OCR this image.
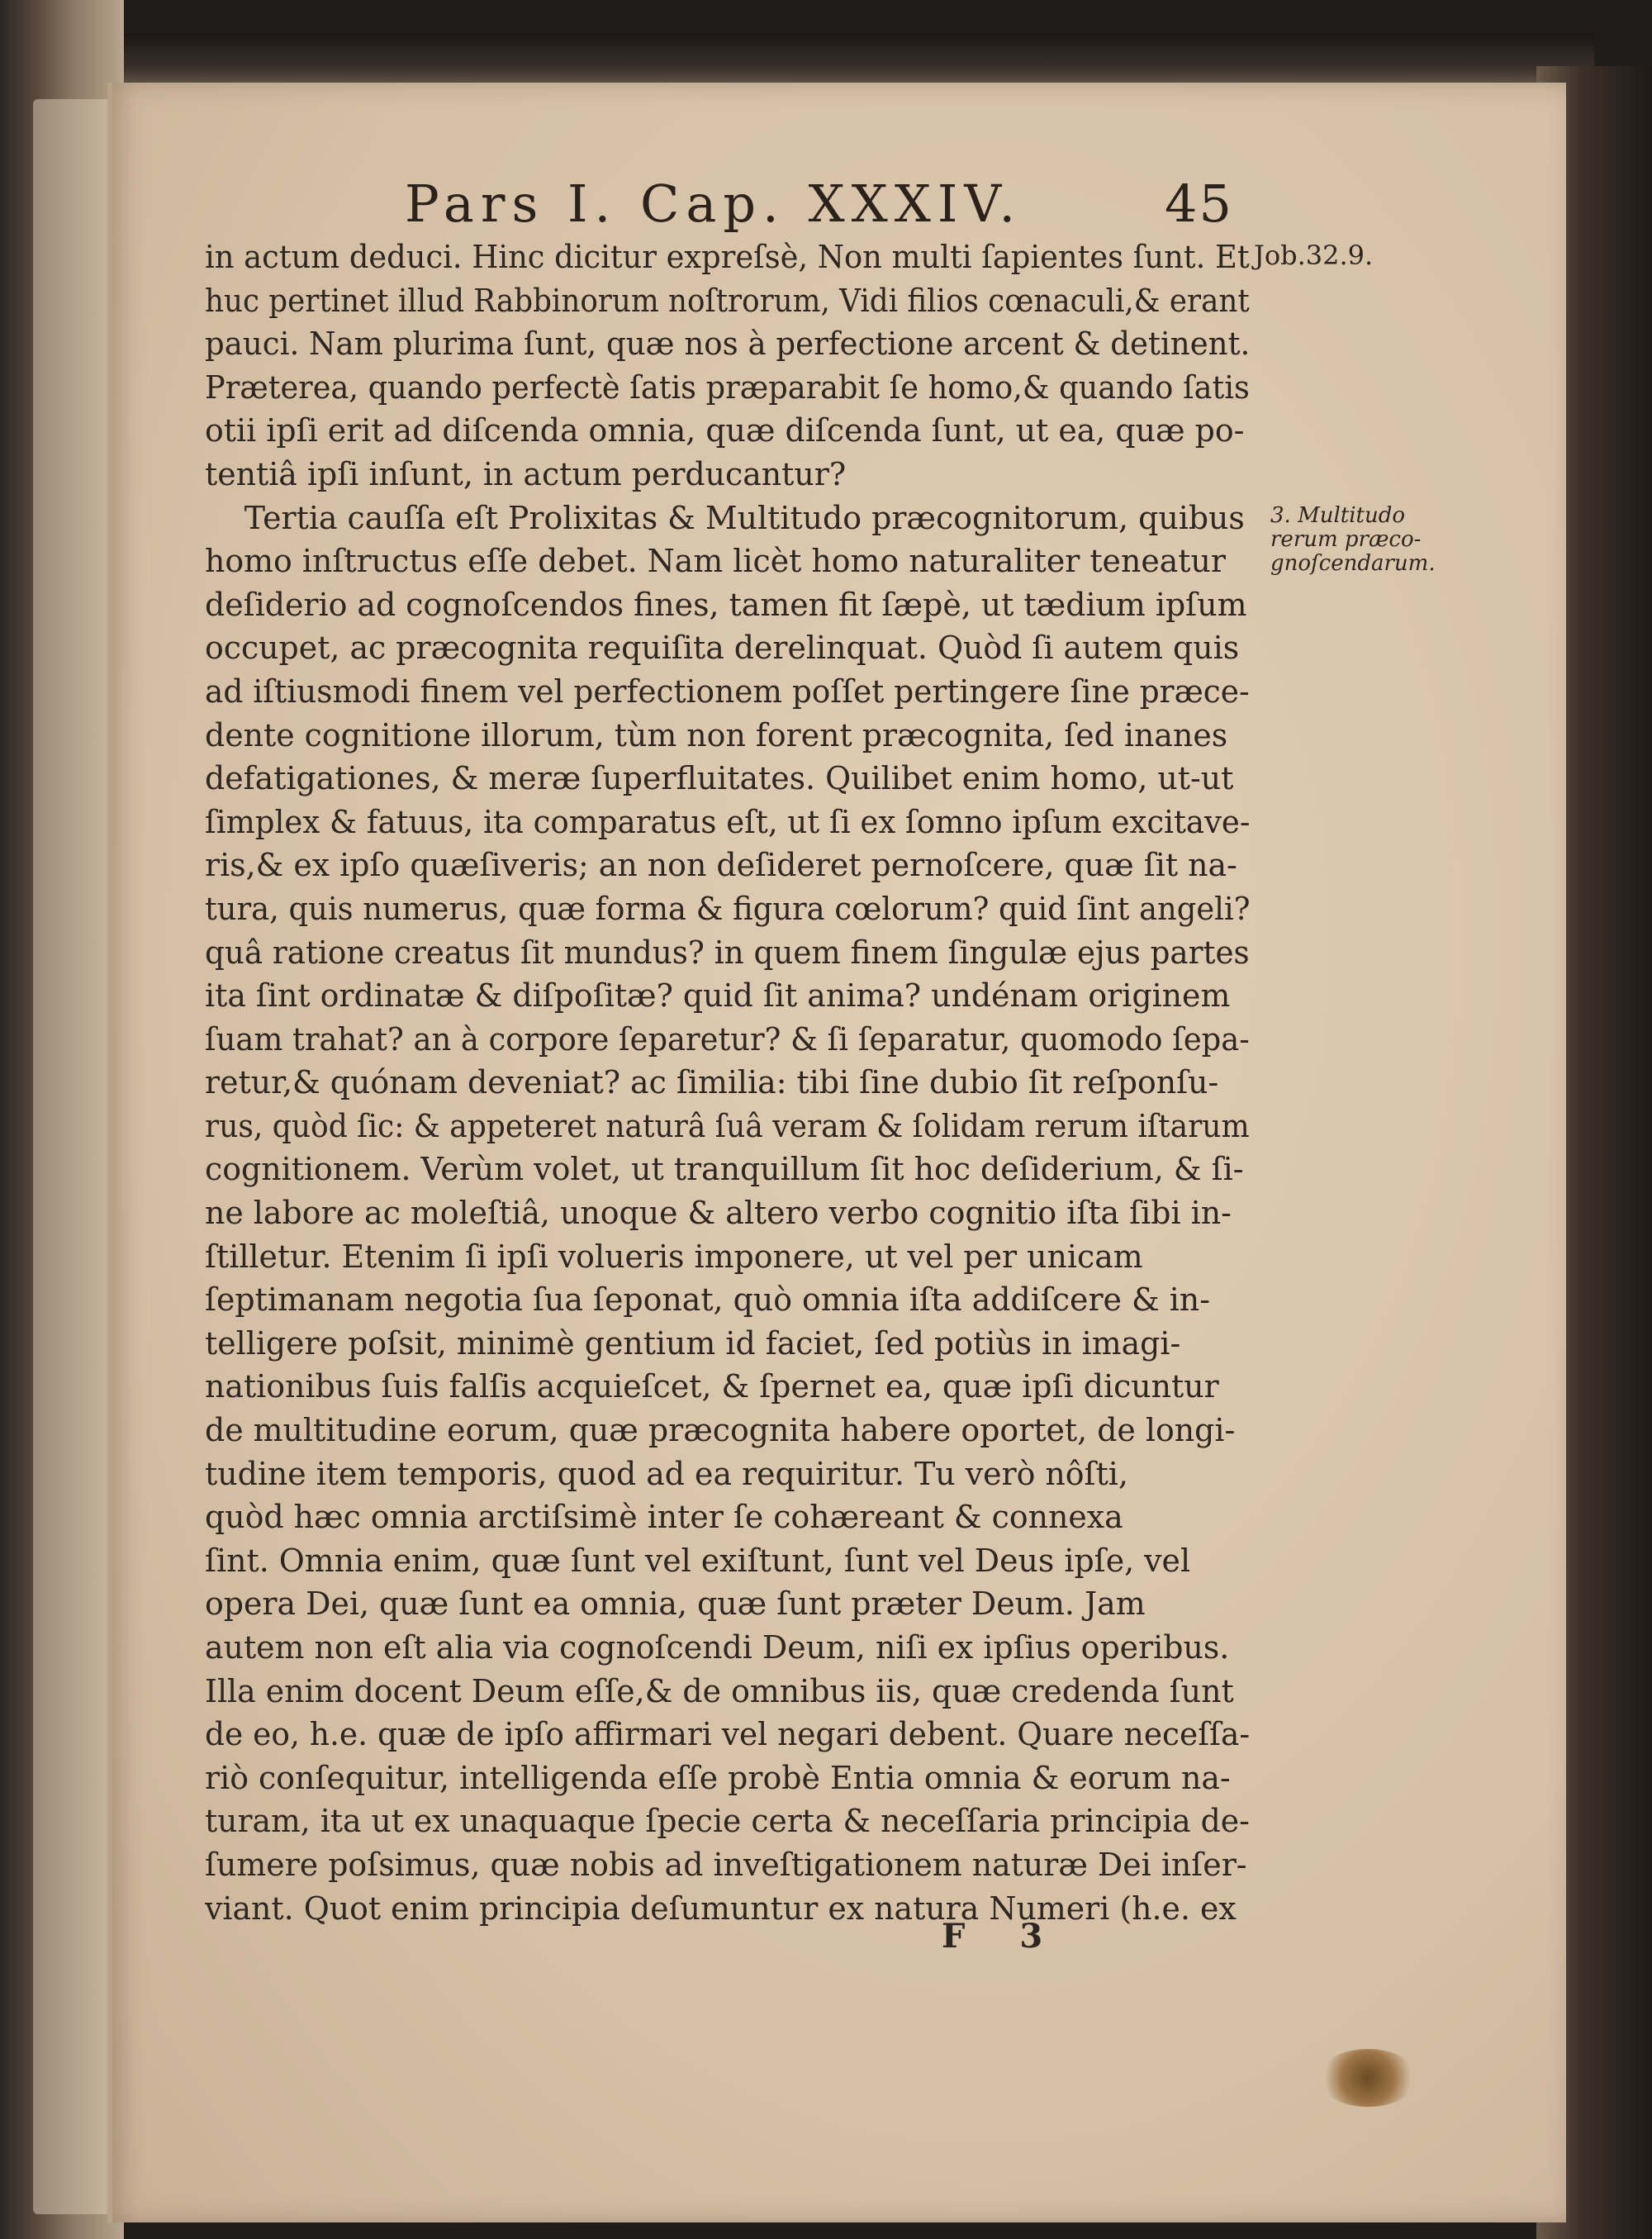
Pars I. Cap. XXXIV.	45
Job.32.9.
3. Multitudo
rerum præco-
gnoſcendarum.
in actum deduci. Hinc dicitur expreſsè, Non multi ſapientes ſunt. Et
huc pertinet illud Rabbinorum noſtrorum, Vidi filios cœnaculi,& erant
pauci. Nam plurima ſunt, quæ nos à perfectione arcent & detinent.
Præterea, quando perfectè ſatis præparabit ſe homo,& quando ſatis
otii ipſi erit ad diſcenda omnia, quæ diſcenda ſunt, ut ea, quæ po-
tentiâ ipſi inſunt, in actum perducantur?
Tertia cauſſa eſt Prolixitas & Multitudo præcognitorum, quibus
homo inſtructus eſſe debet. Nam licèt homo naturaliter teneatur
deſiderio ad cognoſcendos fines, tamen fit ſæpè, ut tædium ipſum
occupet, ac præcognita requiſita derelinquat. Quòd ſi autem quis
ad iſtiusmodi finem vel perfectionem poſſet pertingere ſine præce-
dente cognitione illorum, tùm non forent præcognita, ſed inanes
defatigationes, & meræ ſuperfluitates. Quilibet enim homo, ut-ut
ſimplex & fatuus, ita comparatus eſt, ut ſi ex ſomno ipſum excitave-
ris,& ex ipſo quæſiveris; an non deſideret pernoſcere, quæ ſit na-
tura, quis numerus, quæ forma & figura cœlorum? quid ſint angeli?
quâ ratione creatus ſit mundus? in quem finem ſingulæ ejus partes
ita ſint ordinatæ & diſpoſitæ? quid ſit anima? undénam originem
ſuam trahat? an à corpore ſeparetur? & ſi ſeparatur, quomodo ſepa-
retur,& quónam deveniat? ac ſimilia: tibi ſine dubio ſit reſponſu-
rus, quòd ſic: & appeteret naturâ ſuâ veram & ſolidam rerum iſtarum
cognitionem. Verùm volet, ut tranquillum ſit hoc deſiderium, & ſi-
ne labore ac moleſtiâ, unoque & altero verbo cognitio iſta ſibi in-
ſtilletur. Etenim ſi ipſi volueris imponere, ut vel per unicam
ſeptimanam negotia ſua ſeponat, quò omnia iſta addiſcere & in-
telligere poſsit, minimè gentium id faciet, ſed potiùs in imagi-
nationibus ſuis falſis acquieſcet, & ſpernet ea, quæ ipſi dicuntur
de multitudine eorum, quæ præcognita habere oportet, de longi-
tudine item temporis, quod ad ea requiritur. Tu verò nôſti,
quòd hæc omnia arctiſsimè inter ſe cohæreant & connexa
ſint. Omnia enim, quæ ſunt vel exiſtunt, ſunt vel Deus ipſe, vel
opera Dei, quæ ſunt ea omnia, quæ ſunt præter Deum. Jam
autem non eſt alia via cognoſcendi Deum, niſi ex ipſius operibus.
Illa enim docent Deum eſſe,& de omnibus iis, quæ credenda ſunt
de eo, h.e. quæ de ipſo affirmari vel negari debent. Quare neceſſa-
riò conſequitur, intelligenda eſſe probè Entia omnia & eorum na-
turam, ita ut ex unaquaque ſpecie certa & neceſſaria principia de-
ſumere poſsimus, quæ nobis ad inveſtigationem naturæ Dei inſer-
viant. Quot enim principia deſumuntur ex natura Numeri (h.e. ex
F 3
